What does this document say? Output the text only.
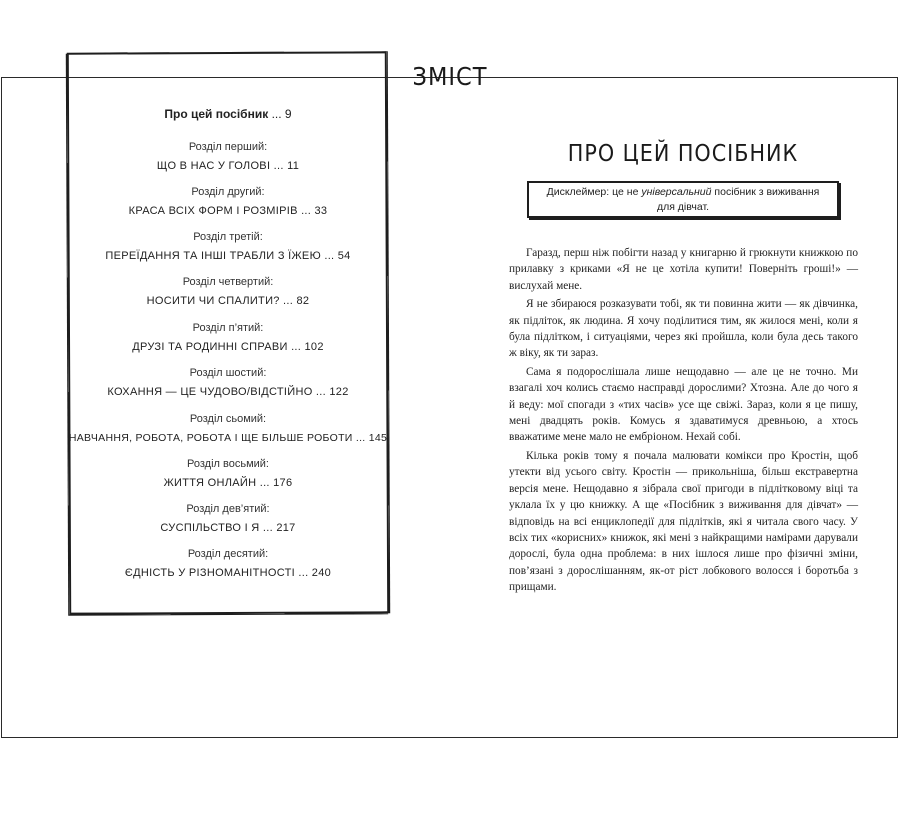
ЗМІСТ
Про цей посібник ... 9
Розділ перший:
ЩО В НАС У ГОЛОВІ ... 11
Розділ другий:
КРАСА ВСІХ ФОРМ І РОЗМІРІВ ... 33
Розділ третій:
ПЕРЕЇДАННЯ ТА ІНШІ ТРАБЛИ З ЇЖЕЮ ... 54
Розділ четвертий:
НОСИТИ ЧИ СПАЛИТИ? ... 82
Розділ п’ятий:
ДРУЗІ ТА РОДИННІ СПРАВИ ... 102
Розділ шостий:
КОХАННЯ — ЦЕ ЧУДОВО/ВІДСТІЙНО ... 122
Розділ сьомий:
НАВЧАННЯ, РОБОТА, РОБОТА І ЩЕ БІЛЬШЕ РОБОТИ ... 145
Розділ восьмий:
ЖИТТЯ ОНЛАЙН ... 176
Розділ дев’ятий:
СУСПІЛЬСТВО І Я ... 217
Розділ десятий:
ЄДНІСТЬ У РІЗНОМАНІТНОСТІ ... 240
ПРО ЦЕЙ ПОСІБНИК
Дисклеймер: це не універсальний посібник з виживання
для дівчат.

Гаразд, перш ніж побігти назад у книгарню й грюкнути книжкою по прилавку з криками «Я не це хотіла купити! Поверніть гроші!» — вислухай мене.

Я не збираюся розказувати тобі, як ти повинна жити — як дівчинка, як підліток, як людина. Я хочу поділитися тим, як жилося мені, коли я була підлітком, і ситуаціями, через які пройшла, коли була десь такого ж віку, як ти зараз.

Сама я подорослішала лише нещодавно — але це не точно. Ми взагалі хоч колись стаємо насправді дорослими? Хтозна. Але до чого я й веду: мої спогади з «тих часів» усе ще свіжі. Зараз, коли я це пишу, мені двадцять років. Комусь я здаватимуся древньою, а хтось вважатиме мене мало не ембріоном. Нехай собі.

Кілька років тому я почала малювати комікси про Кростін, щоб утекти від усього світу. Кростін — прикольніша, більш екстравертна версія мене. Нещодавно я зібрала свої пригоди в підлітковому віці та уклала їх у цю книжку. А ще «Посібник з виживання для дівчат» — відповідь на всі енциклопедії для підлітків, які я читала свого часу. У всіх тих «корисних» книжок, які мені з найкращими намірами дарували дорослі, була одна проблема: в них ішлося лише про фізичні зміни, пов’язані з дорослішанням, як-от ріст лобкового волосся і боротьба з прищами.
